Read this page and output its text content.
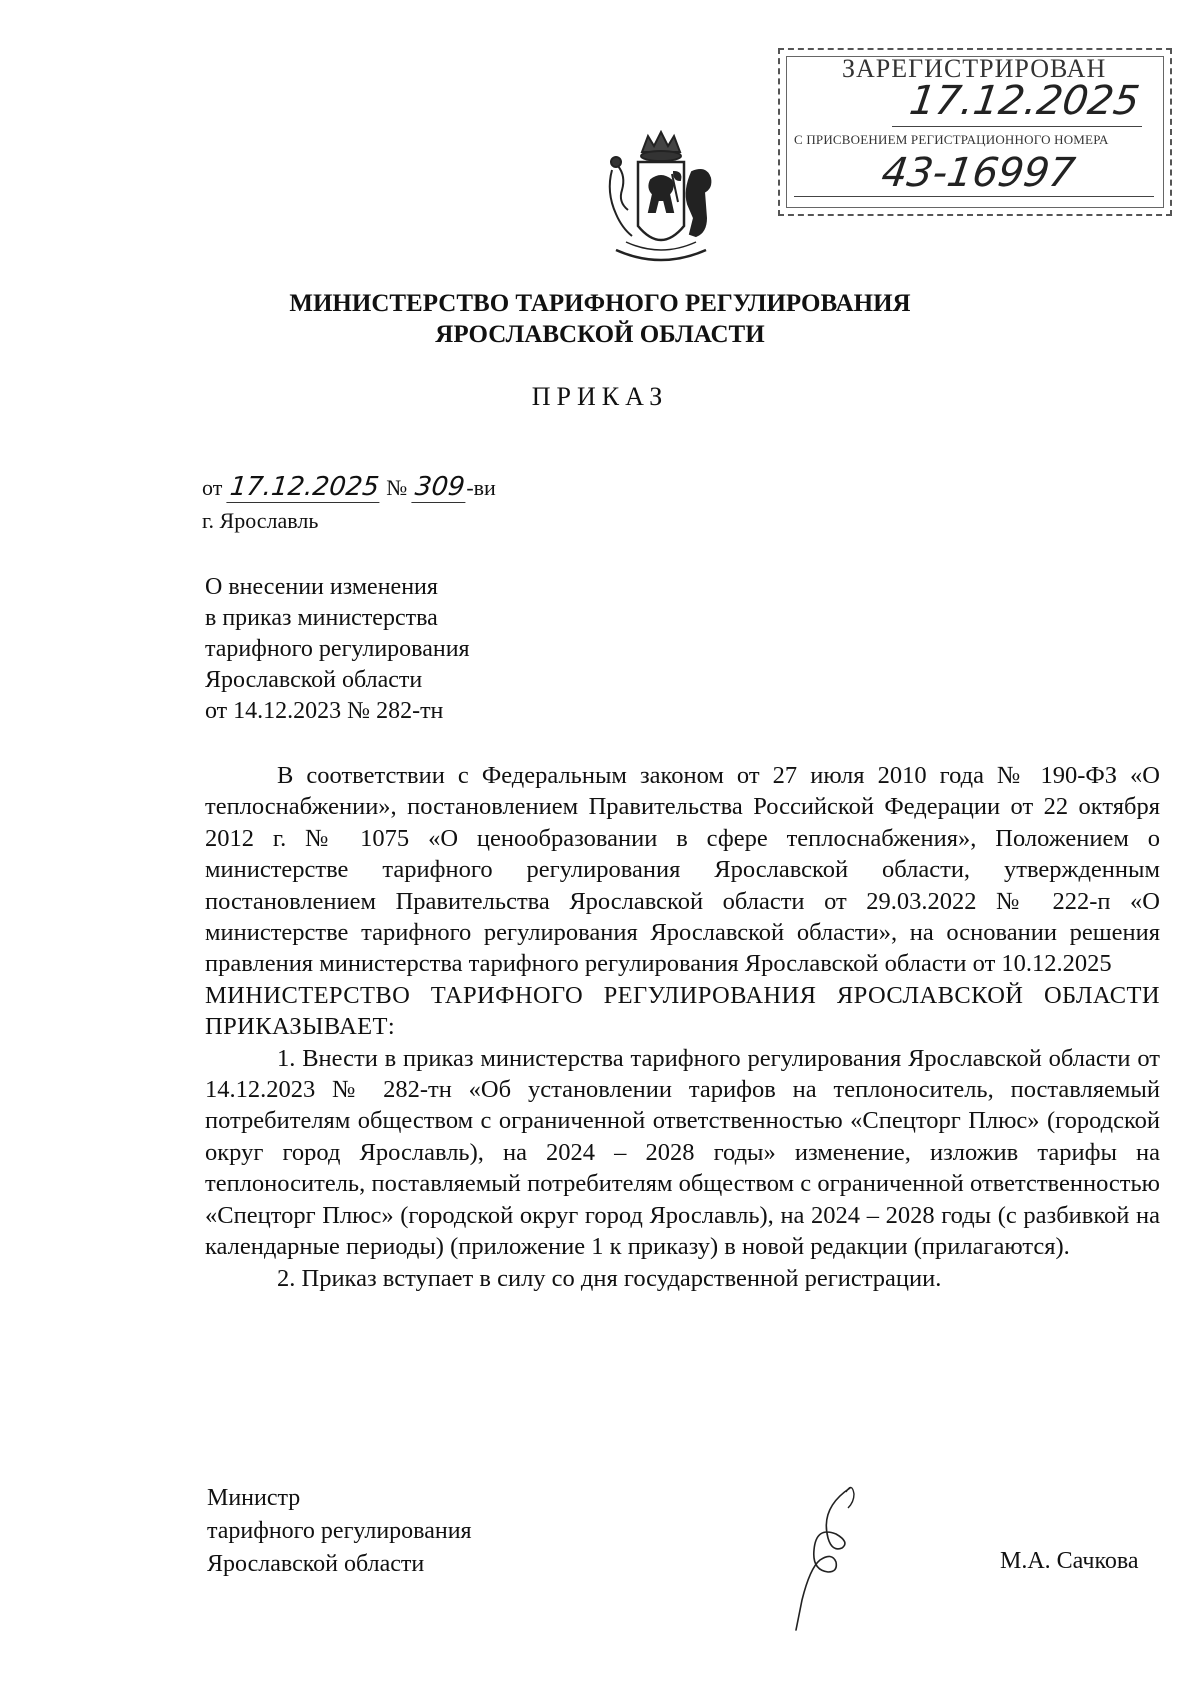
ЗАРЕГИСТРИРОВАН
17.12.2025
С ПРИСВОЕНИЕМ РЕГИСТРАЦИОННОГО НОМЕРА
43-16997
МИНИСТЕРСТВО ТАРИФНОГО РЕГУЛИРОВАНИЯ
ЯРОСЛАВСКОЙ ОБЛАСТИ
ПРИКАЗ
от 17.12.2025 № 309-ви
г. Ярославль
О внесении изменения
в приказ министерства
тарифного регулирования
Ярославской области
от 14.12.2023 № 282-тн

В соответствии с Федеральным законом от 27 июля 2010 года № 190-ФЗ «О теплоснабжении», постановлением Правительства Российской Федерации от 22 октября 2012 г. № 1075 «О ценообразовании в сфере теплоснабжения», Положением о министерстве тарифного регулирования Ярославской области, утвержденным постановлением Правительства Ярославской области от 29.03.2022 № 222-п «О министерстве тарифного регулирования Ярославской области», на основании решения правления министерства тарифного регулирования Ярославской области от 10.12.2025

МИНИСТЕРСТВО ТАРИФНОГО РЕГУЛИРОВАНИЯ ЯРОСЛАВСКОЙ ОБЛАСТИ ПРИКАЗЫВАЕТ:

1. Внести в приказ министерства тарифного регулирования Ярославской области от 14.12.2023 № 282-тн «Об установлении тарифов на теплоноситель, поставляемый потребителям обществом с ограниченной ответственностью «Спецторг Плюс» (городской округ город Ярославль), на 2024 – 2028 годы» изменение, изложив тарифы на теплоноситель, поставляемый потребителям обществом с ограниченной ответственностью «Спецторг Плюс» (городской округ город Ярославль), на 2024 – 2028 годы (с разбивкой на календарные периоды) (приложение 1 к приказу) в новой редакции (прилагаются).

2. Приказ вступает в силу со дня государственной регистрации.

Министр
тарифного регулирования
Ярославской области	М.А. Сачкова
